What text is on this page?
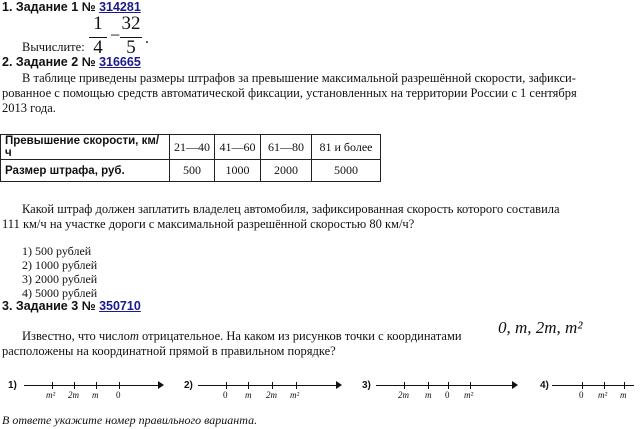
1. Задание 1 № 314281
Вычислите:
1
4
−
32
5 .
2. Задание 2 № 316665
В таблице приведены размеры штрафов за превышение максимальной разрешённой скорости, зафикси-
рованное с помощью средств автоматической фиксации, установленных на территории России с 1 сентября
2013 года.
Превышение скорости, км/ч	21—40	41—60	61—80	81 и более
Размер штрафа, руб.	500	1000	2000	5000
Какой штраф должен заплатить владелец автомобиля, зафиксированная скорость которого составила
111 км/ч на участке дороги с максимальной разрешённой скоростью 80 км/ч?
1) 500 рублей
2) 1000 рублей
3) 2000 рублей
4) 5000 рублей
3. Задание 3 № 350710
Известно, что числоm отрицательное. На каком из рисунков точки с координатами 0, m, 2m, m²
расположены на координатной прямой в правильном порядке?
1)
m² 2m m 0
2)
0 m 2m m²
3)
2m m 0 m²
4)
0 m² m
В ответе укажите номер правильного варианта.
